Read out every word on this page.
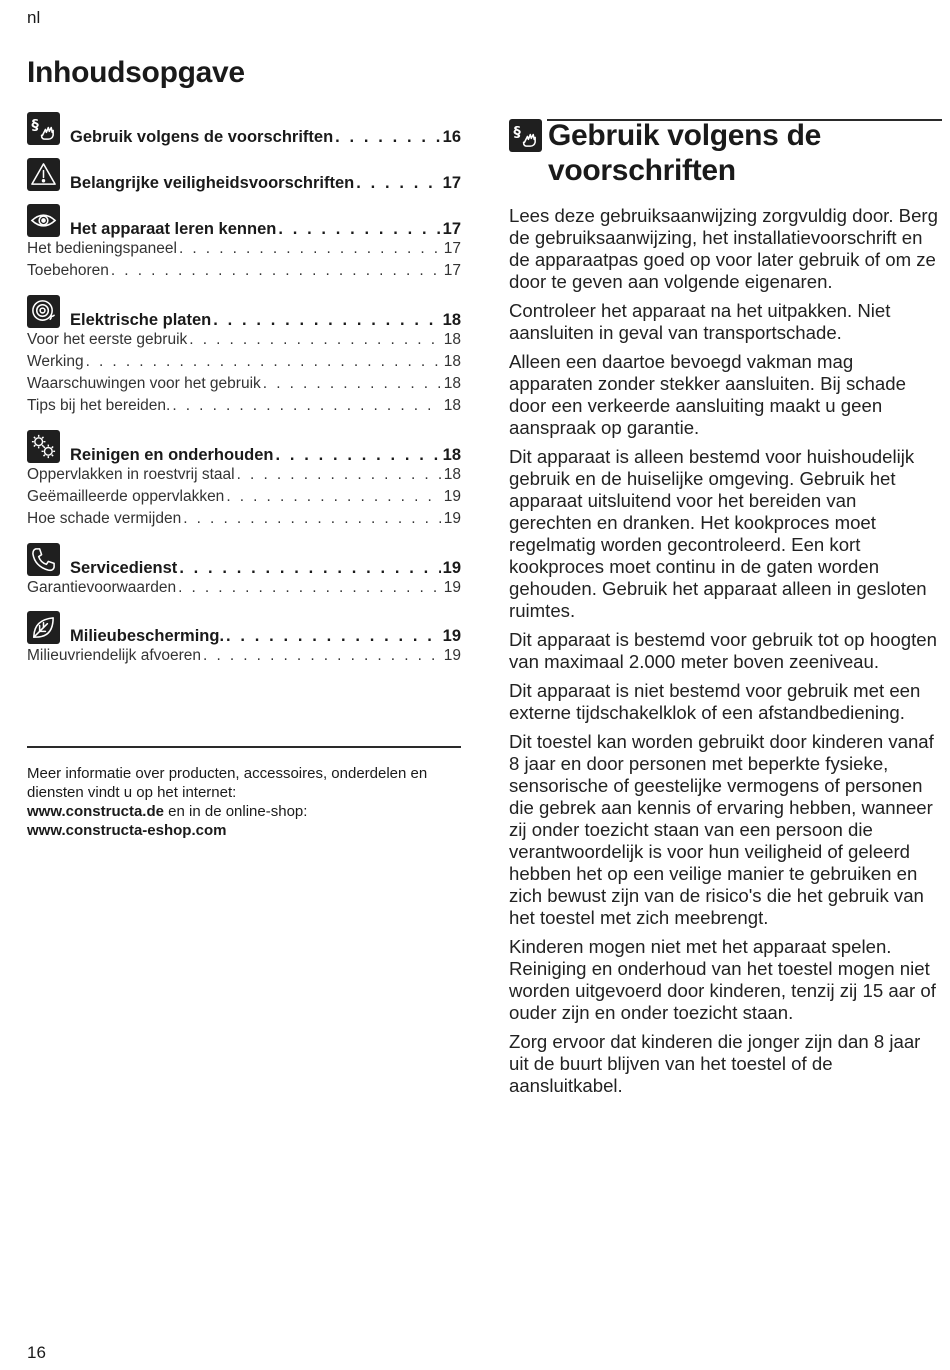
nl
Inhoudsopgave
§
Gebruik volgens de voorschriften . . .	16
Belangrijke veiligheidsvoorschriften . . .	17
Het apparaat leren kennen . . .	17
Het bedieningspaneel . . .	17
Toebehoren . . .	17
Elektrische platen . . .	18
Voor het eerste gebruik . . .	18
Werking . . .	18
Waarschuwingen voor het gebruik . . .	18
Tips bij het bereiden. . . .	18
Reinigen en onderhouden . . .	18
Oppervlakken in roestvrij staal . . .	18
Geëmailleerde oppervlakken . . .	19
Hoe schade vermijden . . .	19
Servicedienst . . .	19
Garantievoorwaarden . . .	19
Milieubescherming. . . .	19
Milieuvriendelijk afvoeren . . .	19
Meer informatie over producten, accessoires, onderdelen en diensten vindt u op het internet:
www.constructa.de en in de online-shop:
www.constructa-eshop.com
§ Gebruik volgens de voorschriften

Lees deze gebruiksaanwijzing zorgvuldig door. Berg de gebruiksaanwijzing, het installatievoorschrift en de apparaatpas goed op voor later gebruik of om ze door te geven aan volgende eigenaren.

Controleer het apparaat na het uitpakken. Niet aansluiten in geval van transportschade.

Alleen een daartoe bevoegd vakman mag apparaten zonder stekker aansluiten. Bij schade door een verkeerde aansluiting maakt u geen aanspraak op garantie.

Dit apparaat is alleen bestemd voor huishoudelijk gebruik en de huiselijke omgeving. Gebruik het apparaat uitsluitend voor het bereiden van gerechten en dranken. Het kookproces moet regelmatig worden gecontroleerd. Een kort kookproces moet continu in de gaten worden gehouden. Gebruik het apparaat alleen in gesloten ruimtes.

Dit apparaat is bestemd voor gebruik tot op hoogten van maximaal 2.000 meter boven zeeniveau.

Dit apparaat is niet bestemd voor gebruik met een externe tijdschakelklok of een afstandbediening.

Dit toestel kan worden gebruikt door kinderen vanaf 8 jaar en door personen met beperkte fysieke, sensorische of geestelijke vermogens of personen die gebrek aan kennis of ervaring hebben, wanneer zij onder toezicht staan van een persoon die verantwoordelijk is voor hun veiligheid of geleerd hebben het op een veilige manier te gebruiken en zich bewust zijn van de risico's die het gebruik van het toestel met zich meebrengt.

Kinderen mogen niet met het apparaat spelen. Reiniging en onderhoud van het toestel mogen niet worden uitgevoerd door kinderen, tenzij zij 15 aar of ouder zijn en onder toezicht staan.

Zorg ervoor dat kinderen die jonger zijn dan 8 jaar uit de buurt blijven van het toestel of de aansluitkabel.

16
